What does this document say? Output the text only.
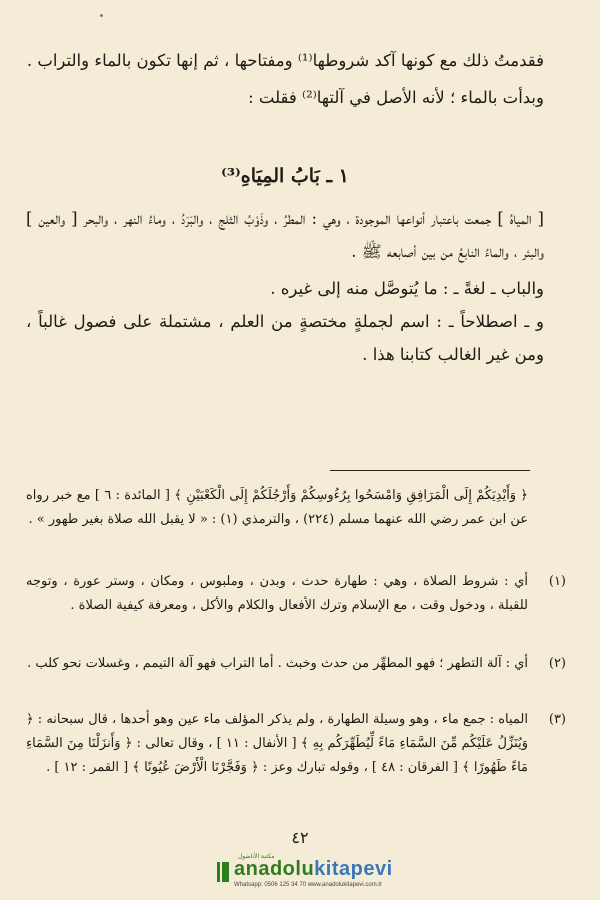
فقدمتُ ذلك مع كونها آكد شروطها⁽¹⁾ ومفتاحها ، ثم إنها تكون بالماء والتراب .

وبدأت بالماء ؛ لأنه الأصل في آلتها⁽²⁾ فقلت :

١ ـ بَابُ المِيَاهِ⁽³⁾

[ المياهُ ] جمعت باعتبار أنواعها الموجودة ، وهي : المطرُ ، وذَوْبُ الثلج ، والبَرَدُ ، وماءُ النهر ، والبحر [ والعين ] والبئر ، والماءُ النابعُ من بين أصابعه ﷺ .

والباب ـ لغةً ـ : ما يُتوصَّل منه إلى غيره .

و ـ اصطلاحاً ـ : اسم لجملةٍ مختصةٍ من العلم ، مشتملة على فصول غالباً ، ومن غير الغالب كتابنا هذا .

﴿ وَأَيْدِيَكُمْ إِلَى الْمَرَافِقِ وَامْسَحُوا بِرُءُوسِكُمْ وَأَرْجُلَكُمْ إِلَى الْكَعْبَيْنِ ﴾ [ المائدة : ٦ ] مع خبر رواه عن ابن عمر رضي الله عنهما مسلم (٢٢٤) ، والترمذي (١) : « لا يقبل الله صلاة بغير طهور » .
(١)
أي : شروط الصلاة ، وهي : طهارة حدث ، وبدن ، وملبوس ، ومكان ، وستر عورة ، وتوجه للقبلة ، ودخول وقت ، مع الإسلام وترك الأفعال والكلام والأكل ، ومعرفة كيفية الصلاة .
(٢)
أي : آلة التطهر ؛ فهو المطهِّر من حدث وخبث . أما التراب فهو آلة التيمم ، وغسلات نحو كلب .
(٣)
المياه : جمع ماء ، وهو وسيلة الطهارة ، ولم يذكر المؤلف ماء عين وهو أحدها ، قال سبحانه : ﴿ وَيُنَزِّلُ عَلَيْكُم مِّنَ السَّمَاءِ مَاءً لِّيُطَهِّرَكُم بِهِ ﴾ [ الأنفال : ١١ ] ، وقال تعالى : ﴿ وَأَنزَلْنَا مِنَ السَّمَاءِ مَاءً طَهُورًا ﴾ [ الفرقان : ٤٨ ] ، وقوله تبارك وعز : ﴿ وَفَجَّرْنَا الْأَرْضَ عُيُونًا ﴾ [ القمر : ١٢ ] .
٤٢
مكتبة الأناضول
anadolukitapevi
Whatsapp: 0506 125 34 70 www.anadolukitapevi.com.tr
